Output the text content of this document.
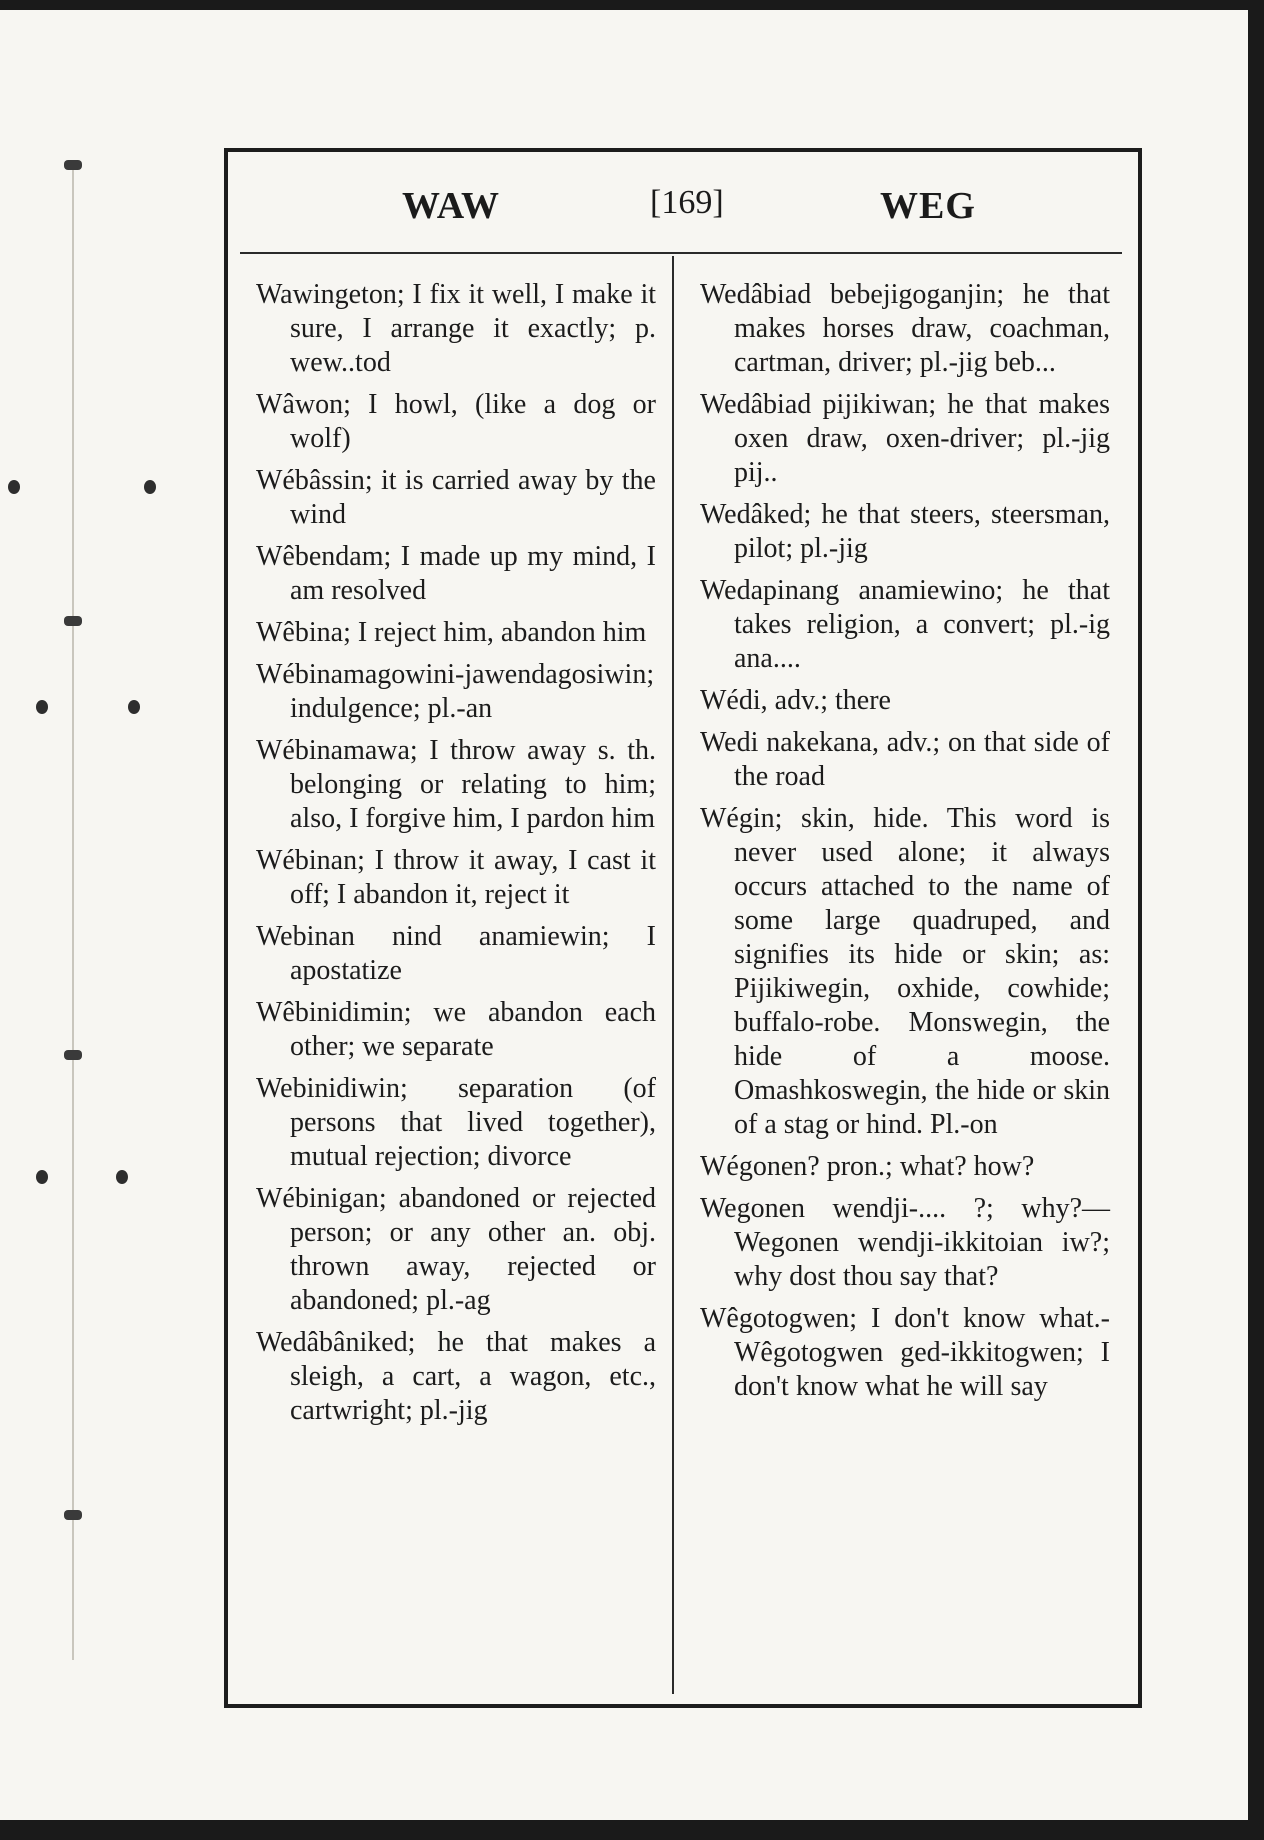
WAW	[169]	WEG

Wawingeton; I fix it well, I make it sure, I arrange it exactly; p. wew..tod

Wâwon; I howl, (like a dog or wolf)

Wébâssin; it is carried away by the wind

Wêbendam; I made up my mind, I am resolved

Wêbina; I reject him, abandon him

Wébinamagowini-jawendagosiwin; indulgence; pl.-an

Wébinamawa; I throw away s. th. belonging or relating to him; also, I forgive him, I pardon him

Wébinan; I throw it away, I cast it off; I abandon it, reject it

Webinan nind anamiewin; I apostatize

Wêbinidimin; we abandon each other; we separate

Webinidiwin; separation (of persons that lived together), mutual rejection; divorce

Wébinigan; abandoned or rejected person; or any other an. obj. thrown away, rejected or abandoned; pl.-ag

Wedâbâniked; he that makes a sleigh, a cart, a wagon, etc., cartwright; pl.-jig

Wedâbiad bebejigoganjin; he that makes horses draw, coachman, cartman, driver; pl.-jig beb...

Wedâbiad pijikiwan; he that makes oxen draw, oxen-driver; pl.-jig pij..

Wedâked; he that steers, steersman, pilot; pl.-jig

Wedapinang anamiewino; he that takes religion, a convert; pl.-ig ana....

Wédi, adv.; there

Wedi nakekana, adv.; on that side of the road

Wégin; skin, hide. This word is never used alone; it always occurs attached to the name of some large quadruped, and signifies its hide or skin; as: Pijikiwegin, oxhide, cowhide; buffalo-robe. Monswegin, the hide of a moose. Omashkoswegin, the hide or skin of a stag or hind. Pl.-on

Wégonen? pron.; what? how?

Wegonen wendji-.... ?; why?—Wegonen wendji-ikkitoian iw?; why dost thou say that?

Wêgotogwen; I don't know what.-Wêgotogwen ged-ikkitogwen; I don't know what he will say
